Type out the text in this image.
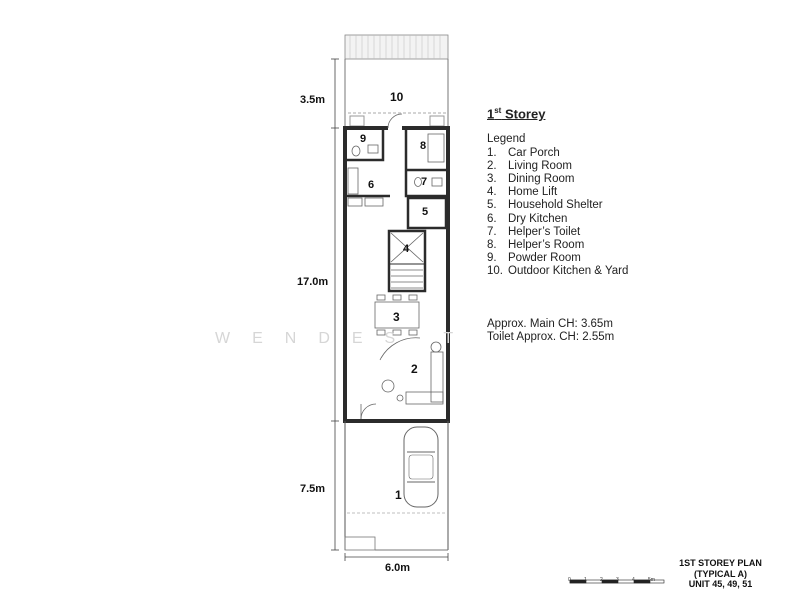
10
9
8
7
6
5
4
3
2
1
3.5m
17.0m
7.5m
6.0m
WENDES T
1st Storey
Legend
1. Car Porch
2. Living Room
3. Dining Room
4. Home Lift
5. Household Shelter
6. Dry Kitchen
7. Helper’s Toilet
8. Helper’s Room
9. Powder Room
10. Outdoor Kitchen & Yard
Approx. Main CH: 3.65m
Toilet Approx. CH: 2.55m
0	1	2	3	4	5m
1ST STOREY PLAN
(TYPICAL A)
UNIT 45, 49, 51
